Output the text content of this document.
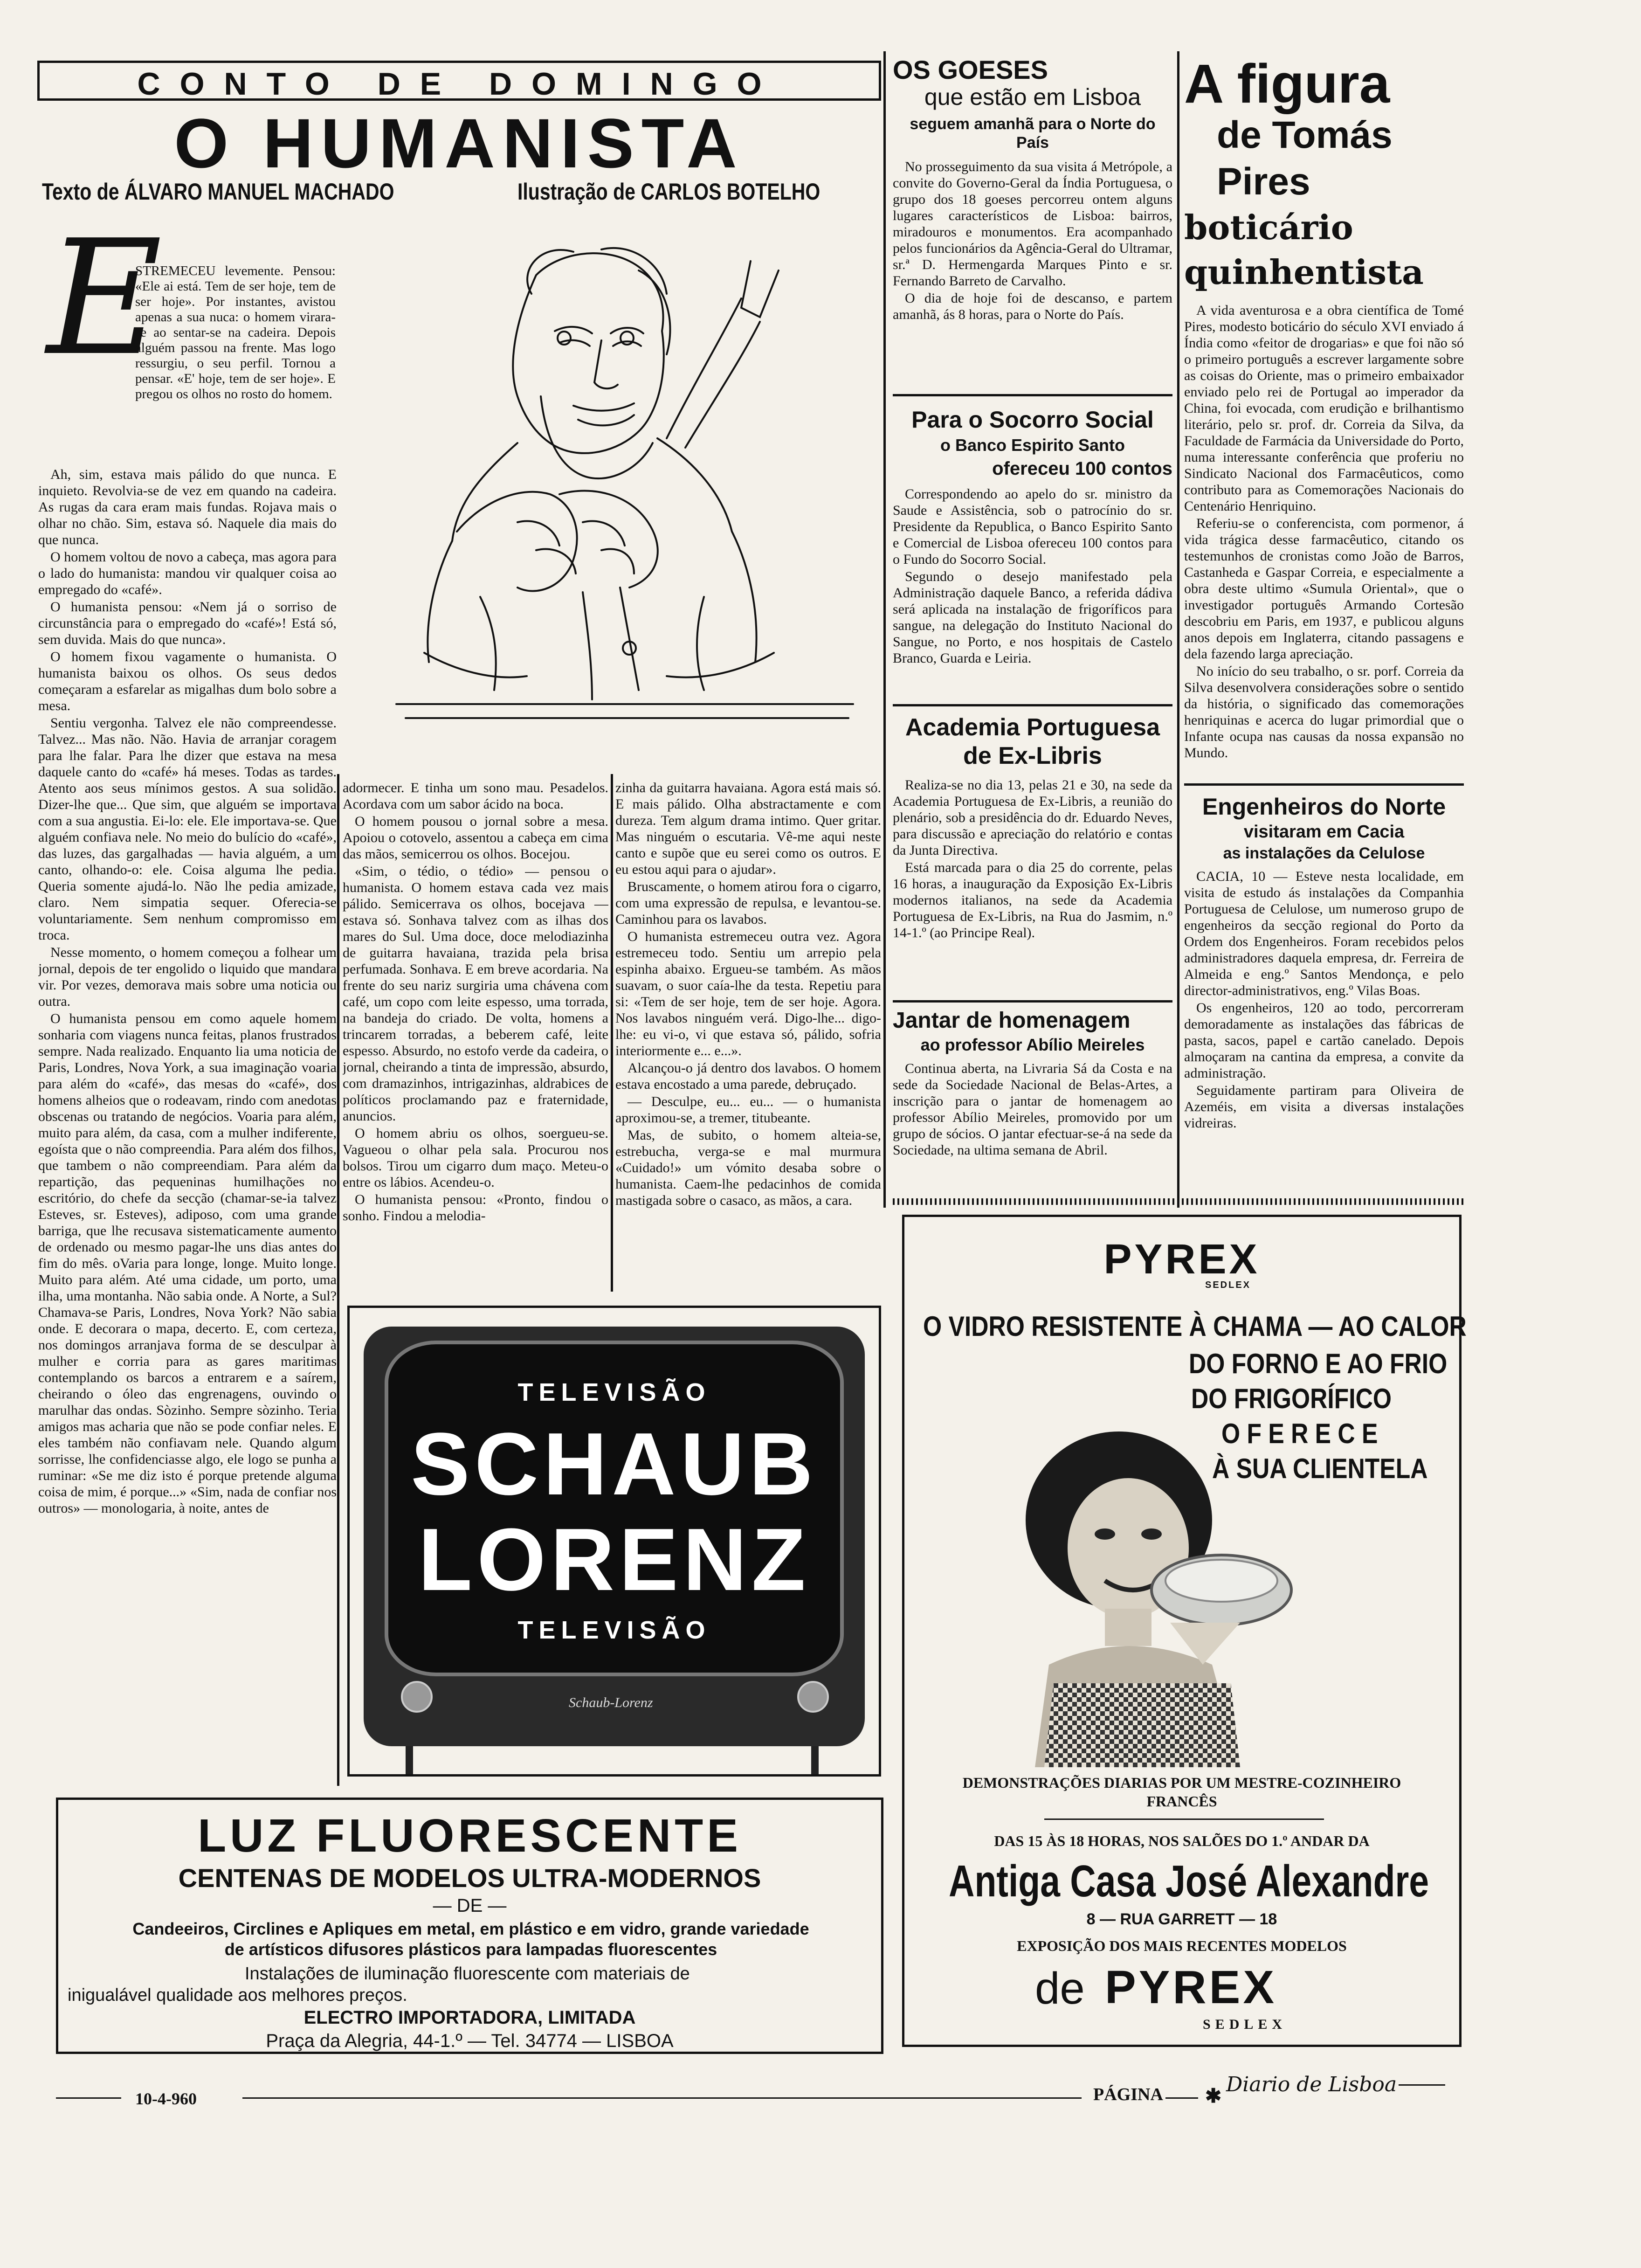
CONTO DE DOMINGO
O HUMANISTA
Texto de ÁLVARO MANUEL MACHADO	Ilustração de CARLOS BOTELHO
E

STREMECEU levemente. Pensou: «Ele ai está. Tem de ser hoje, tem de ser hoje». Por instantes, avistou apenas a sua nuca: o homem virara-se ao sentar-se na cadeira. Depois alguém passou na frente. Mas logo ressurgiu, o seu perfil. Tornou a pensar. «E' hoje, tem de ser hoje». E pregou os olhos no rosto do homem.

Ah, sim, estava mais pálido do que nunca. E inquieto. Revolvia-se de vez em quando na cadeira. As rugas da cara eram mais fundas. Rojava mais o olhar no chão. Sim, estava só. Naquele dia mais do que nunca.

O homem voltou de novo a cabeça, mas agora para o lado do humanista: mandou vir qualquer coisa ao empregado do «café».

O humanista pensou: «Nem já o sorriso de circunstância para o empregado do «café»! Está só, sem duvida. Mais do que nunca».

O homem fixou vagamente o humanista. O humanista baixou os olhos. Os seus dedos começaram a esfarelar as migalhas dum bolo sobre a mesa.

Sentiu vergonha. Talvez ele não compreendesse. Talvez... Mas não. Não. Havia de arranjar coragem para lhe falar. Para lhe dizer que estava na mesa daquele canto do «café» há meses. Todas as tardes. Atento aos seus mínimos gestos. A sua solidão. Dizer-lhe que... Que sim, que alguém se importava com a sua angustia. Ei-lo: ele. Ele importava-se. Que alguém confiava nele. No meio do bulício do «café», das luzes, das gargalhadas — havia alguém, a um canto, olhando-o: ele. Coisa alguma lhe pedia. Queria somente ajudá-lo. Não lhe pedia amizade, claro. Nem simpatia sequer. Oferecia-se voluntariamente. Sem nenhum compromisso em troca.

Nesse momento, o homem começou a folhear um jornal, depois de ter engolido o liquido que mandara vir. Por vezes, demorava mais sobre uma noticia ou outra.

O humanista pensou em como aquele homem sonharia com viagens nunca feitas, planos frustrados sempre. Nada realizado. Enquanto lia uma noticia de Paris, Londres, Nova York, a sua imaginação voaria para além do «café», das mesas do «café», dos homens alheios que o rodeavam, rindo com anedotas obscenas ou tratando de negócios. Voaria para além, muito para além, da casa, com a mulher indiferente, egoísta que o não compreendia. Para além dos filhos, que tambem o não compreendiam. Para além da repartição, das pequeninas humilhações no escritório, do chefe da secção (chamar-se-ia talvez Esteves, sr. Esteves), adiposo, com uma grande barriga, que lhe recusava sistematicamente aumento de ordenado ou mesmo pagar-lhe uns dias antes do fim do mês. oVaria para longe, longe. Muito longe. Muito para além. Até uma cidade, um porto, uma ilha, uma montanha. Não sabia onde. A Norte, a Sul? Chamava-se Paris, Londres, Nova York? Não sabia onde. E decorara o mapa, decerto. E, com certeza, nos domingos arranjava forma de se desculpar à mulher e corria para as gares maritimas contemplando os barcos a entrarem e a saírem, cheirando o óleo das engrenagens, ouvindo o marulhar das ondas. Sòzinho. Sempre sòzinho. Teria amigos mas acharia que não se pode confiar neles. E eles também não confiavam nele. Quando algum sorrisse, lhe confidenciasse algo, ele logo se punha a ruminar: «Se me diz isto é porque pretende alguma coisa de mim, é porque...» «Sim, nada de confiar nos outros» — monologaria, à noite, antes de

adormecer. E tinha um sono mau. Pesadelos. Acordava com um sabor ácido na boca.

O homem pousou o jornal sobre a mesa. Apoiou o cotovelo, assentou a cabeça em cima das mãos, semicerrou os olhos. Bocejou.

«Sim, o tédio, o tédio» — pensou o humanista. O homem estava cada vez mais pálido. Semicerrava os olhos, bocejava — estava só. Sonhava talvez com as ilhas dos mares do Sul. Uma doce, doce melodiazinha de guitarra havaiana, trazida pela brisa perfumada. Sonhava. E em breve acordaria. Na frente do seu nariz surgiria uma chávena com café, um copo com leite espesso, uma torrada, na bandeja do criado. De volta, homens a trincarem torradas, a beberem café, leite espesso. Absurdo, no estofo verde da cadeira, o jornal, cheirando a tinta de impressão, absurdo, com dramazinhos, intrigazinhas, aldrabices de políticos proclamando paz e fraternidade, anuncios.

O homem abriu os olhos, soergueu-se. Vagueou o olhar pela sala. Procurou nos bolsos. Tirou um cigarro dum maço. Meteu-o entre os lábios. Acendeu-o.

O humanista pensou: «Pronto, findou o sonho. Findou a melodia-

zinha da guitarra havaiana. Agora está mais só. E mais pálido. Olha abstractamente e com dureza. Tem algum drama intimo. Quer gritar. Mas ninguém o escutaria. Vê-me aqui neste canto e supõe que eu serei como os outros. E eu estou aqui para o ajudar».

Bruscamente, o homem atirou fora o cigarro, com uma expressão de repulsa, e levantou-se. Caminhou para os lavabos.

O humanista estremeceu outra vez. Agora estremeceu todo. Sentiu um arrepio pela espinha abaixo. Ergueu-se também. As mãos suavam, o suor caía-lhe da testa. Repetiu para si: «Tem de ser hoje, tem de ser hoje. Agora. Nos lavabos ninguém verá. Digo-lhe... digo-lhe: eu vi-o, vi que estava só, pálido, sofria interiormente e... e...».

Alcançou-o já dentro dos lavabos. O homem estava encostado a uma parede, debruçado.

— Desculpe, eu... eu... — o humanista aproximou-se, a tremer, titubeante.

Mas, de subito, o homem alteia-se, estrebucha, verga-se e mal murmura «Cuidado!» um vómito desaba sobre o humanista. Caem-lhe pedacinhos de comida mastigada sobre o casaco, as mãos, a cara.

TELEVISÃO
SCHAUB
LORENZ
TELEVISÃO
Schaub-Lorenz
LUZ FLUORESCENTE
CENTENAS DE MODELOS ULTRA-MODERNOS
— DE —
Candeeiros, Circlines e Apliques em metal, em plástico e em vidro, grande variedade de artísticos difusores plásticos para lampadas fluorescentes
Instalações de iluminação fluorescente com materiais de inigualável qualidade aos melhores preços.
ELECTRO IMPORTADORA, LIMITADA
Praça da Alegria, 44-1.º — Tel. 34774 — LISBOA
OS GOESES
que estão em Lisboa
seguem amanhã para o Norte do País

No prosseguimento da sua visita á Metrópole, a convite do Governo-Geral da Índia Portuguesa, o grupo dos 18 goeses percorreu ontem alguns lugares característicos de Lisboa: bairros, miradouros e monumentos. Era acompanhado pelos funcionários da Agência-Geral do Ultramar, sr.ª D. Hermengarda Marques Pinto e sr. Fernando Barreto de Carvalho.

O dia de hoje foi de descanso, e partem amanhã, ás 8 horas, para o Norte do País.

Para o Socorro Social
o Banco Espirito Santo
ofereceu 100 contos

Correspondendo ao apelo do sr. ministro da Saude e Assistência, sob o patrocínio do sr. Presidente da Republica, o Banco Espirito Santo e Comercial de Lisboa ofereceu 100 contos para o Fundo do Socorro Social.

Segundo o desejo manifestado pela Administração daquele Banco, a referida dádiva será aplicada na instalação de frigoríficos para sangue, na delegação do Instituto Nacional do Sangue, no Porto, e nos hospitais de Castelo Branco, Guarda e Leiria.

Academia Portuguesa
de Ex-Libris

Realiza-se no dia 13, pelas 21 e 30, na sede da Academia Portuguesa de Ex-Libris, a reunião do plenário, sob a presidência do dr. Eduardo Neves, para discussão e apreciação do relatório e contas da Junta Directiva.

Está marcada para o dia 25 do corrente, pelas 16 horas, a inauguração da Exposição Ex-Libris modernos italianos, na sede da Academia Portuguesa de Ex-Libris, na Rua do Jasmim, n.º 14-1.º (ao Principe Real).

Jantar de homenagem
ao professor Abílio Meireles

Continua aberta, na Livraria Sá da Costa e na sede da Sociedade Nacional de Belas-Artes, a inscrição para o jantar de homenagem ao professor Abílio Meireles, promovido por um grupo de sócios. O jantar efectuar-se-á na sede da Sociedade, na ultima semana de Abril.

A figura
de Tomás Pires
boticário quinhentista

A vida aventurosa e a obra científica de Tomé Pires, modesto boticário do século XVI enviado á Índia como «feitor de drogarias» e que foi não só o primeiro português a escrever largamente sobre as coisas do Oriente, mas o primeiro embaixador enviado pelo rei de Portugal ao imperador da China, foi evocada, com erudição e brilhantismo literário, pelo sr. prof. dr. Correia da Silva, da Faculdade de Farmácia da Universidade do Porto, numa interessante conferência que proferiu no Sindicato Nacional dos Farmacêuticos, como contributo para as Comemorações Nacionais do Centenário Henriquino.

Referiu-se o conferencista, com pormenor, á vida trágica desse farmacêutico, citando os testemunhos de cronistas como João de Barros, Castanheda e Gaspar Correia, e especialmente a obra deste ultimo «Sumula Oriental», que o investigador português Armando Cortesão descobriu em Paris, em 1937, e publicou alguns anos depois em Inglaterra, citando passagens e dela fazendo larga apreciação.

No início do seu trabalho, o sr. porf. Correia da Silva desenvolvera considerações sobre o sentido da história, o significado das comemorações henriquinas e acerca do lugar primordial que o Infante ocupa nas causas da nossa expansão no Mundo.

Engenheiros do Norte
visitaram em Cacia
as instalações da Celulose

CACIA, 10 — Esteve nesta localidade, em visita de estudo ás instalações da Companhia Portuguesa de Celulose, um numeroso grupo de engenheiros da secção regional do Porto da Ordem dos Engenheiros. Foram recebidos pelos administradores daquela empresa, dr. Ferreira de Almeida e eng.º Santos Mendonça, e pelo director-administrativos, eng.º Vilas Boas.

Os engenheiros, 120 ao todo, percorreram demoradamente as instalações das fábricas de pasta, sacos, papel e cartão canelado. Depois almoçaram na cantina da empresa, a convite da administração.

Seguidamente partiram para Oliveira de Azeméis, em visita a diversas instalações vidreiras.

PYREX
SEDLEX
O VIDRO RESISTENTE À CHAMA — AO CALOR
DO FORNO E AO FRIO
DO FRIGORÍFICO
O F E R E C E
À SUA CLIENTELA
DEMONSTRAÇÕES DIARIAS POR UM MESTRE-COZINHEIRO
FRANCÊS
DAS 15 ÀS 18 HORAS, NOS SALÕES DO 1.º ANDAR DA
Antiga Casa José Alexandre
8 — RUA GARRETT — 18
EXPOSIÇÃO DOS MAIS RECENTES MODELOS
de PYREX
SEDLEX
10-4-960	PÁGINA ✱ Diario de Lisboa
